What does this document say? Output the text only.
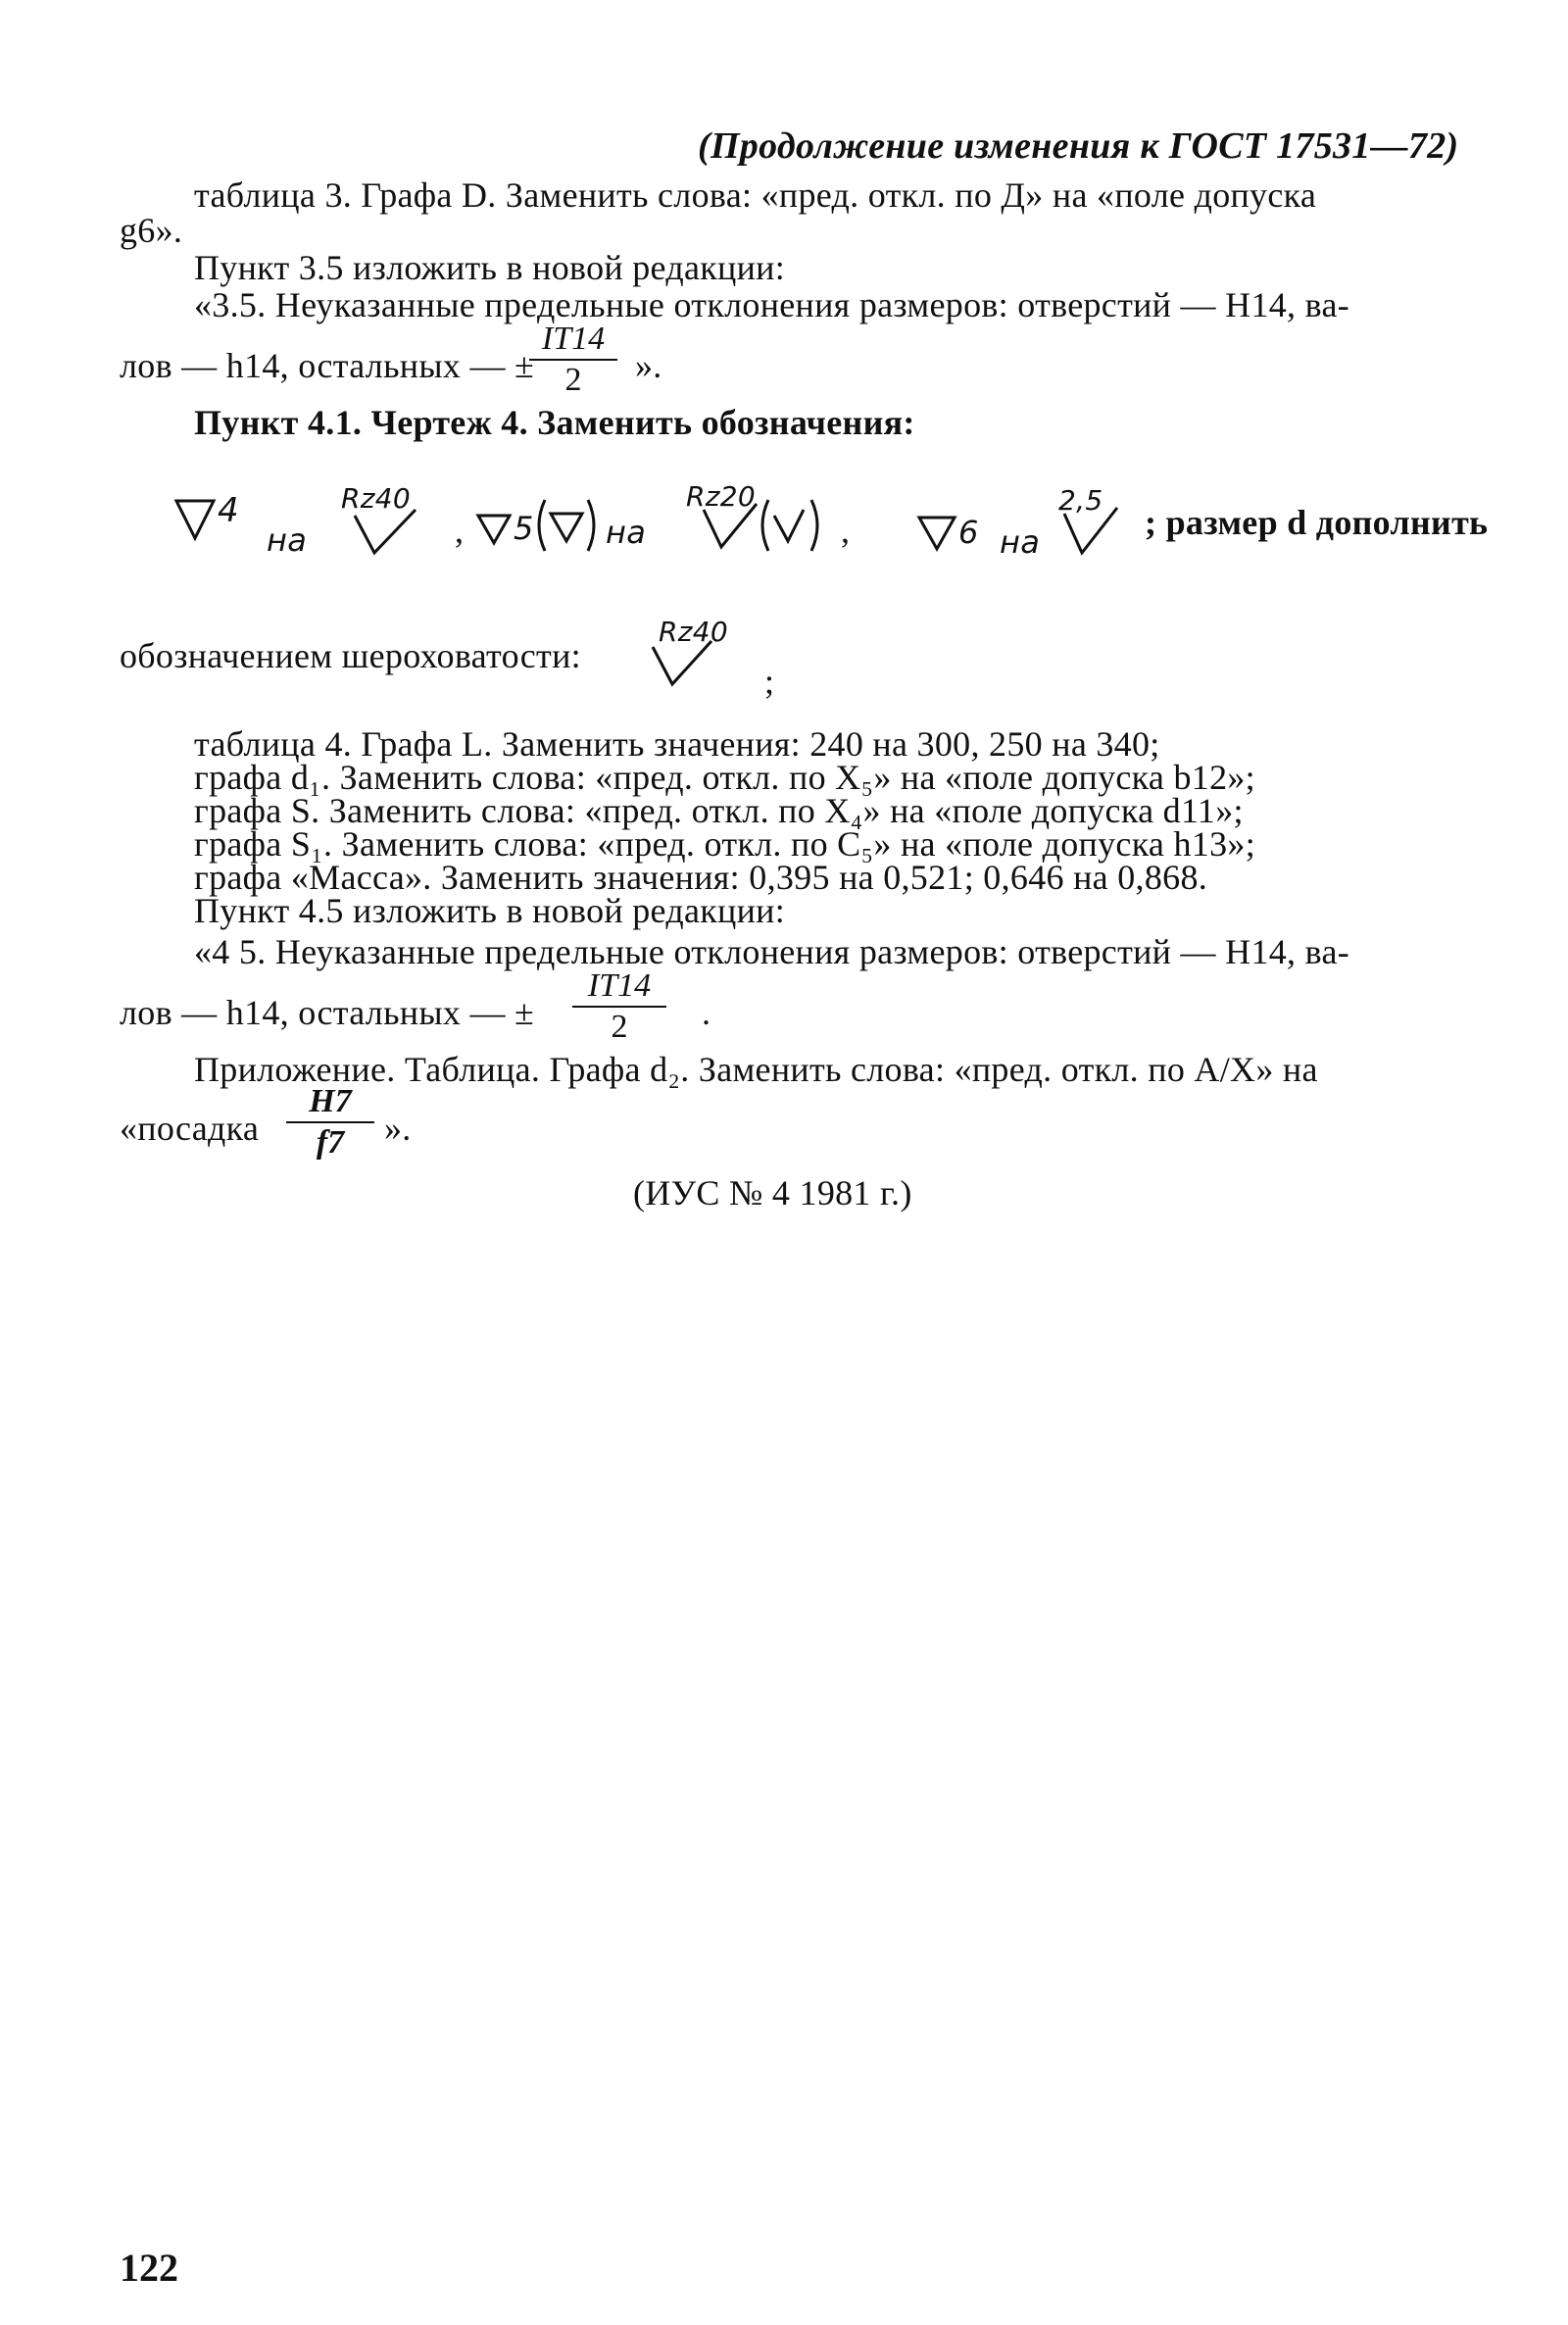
(Продолжение изменения к ГОСТ 17531—72)
таблица 3. Графа D. Заменить слова: «пред. откл. по Д» на «поле допуска
g6».
Пункт 3.5 изложить в новой редакции:
«3.5. Неуказанные предельные отклонения размеров: отверстий — H14, ва-
лов — h14, остальных — ±
IT14
2	».
Пункт 4.1. Чертеж 4. Заменить обозначения:
4
на
Rz40
, 5 на
Rz20
,	6 на
2,5
; размер d дополнить
обозначением шероховатости:
Rz40
;
таблица 4. Графа L. Заменить значения: 240 на 300, 250 на 340;
графа d₁. Заменить слова: «пред. откл. по X₅» на «поле допуска b12»;
графа S. Заменить слова: «пред. откл. по X₄» на «поле допуска d11»;
графа S₁. Заменить слова: «пред. откл. по C₅» на «поле допуска h13»;
графа «Масса». Заменить значения: 0,395 на 0,521; 0,646 на 0,868.
Пункт 4.5 изложить в новой редакции:
«4 5. Неуказанные предельные отклонения размеров: отверстий — H14, ва-
лов — h14, остальных — ±
IT14
2	.
Приложение. Таблица. Графа d₂. Заменить слова: «пред. откл. по A/X» на
«посадка
H7
f7	».
(ИУС № 4 1981 г.)
122
